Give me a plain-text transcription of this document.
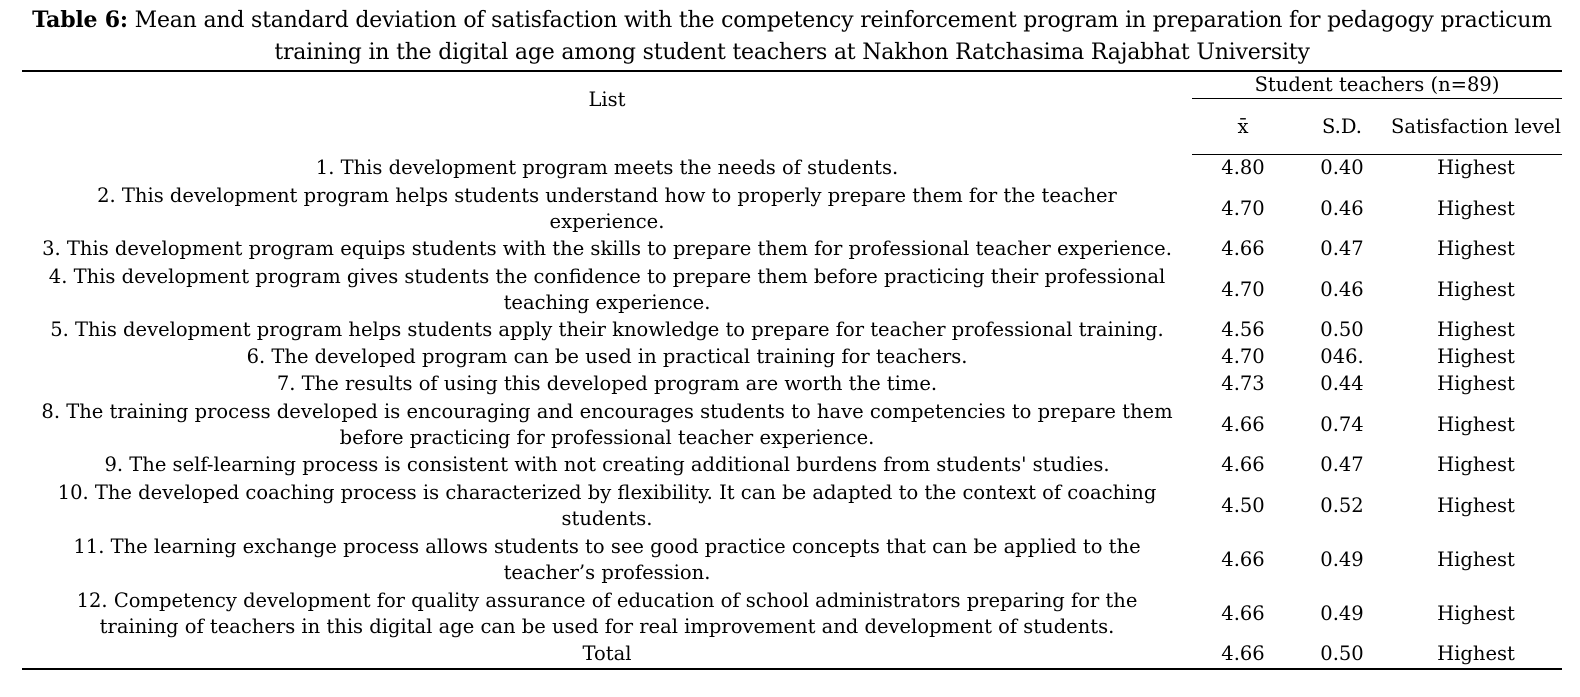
Table 6: Mean and standard deviation of satisfaction with the competency reinforcement program in preparation for pedagogy practicum training in the digital age among student teachers at Nakhon Ratchasima Rajabhat University
List	Student teachers (n=89)		
	x̄	S.D.	Satisfaction level
1. This development program meets the needs of students.	4.80	0.40	Highest
2. This development program helps students understand how to properly prepare them for the teacher experience.	4.70	0.46	Highest
3. This development program equips students with the skills to prepare them for professional teacher experience.	4.66	0.47	Highest
4. This development program gives students the confidence to prepare them before practicing their professional teaching experience.	4.70	0.46	Highest
5. This development program helps students apply their knowledge to prepare for teacher professional training.	4.56	0.50	Highest
6. The developed program can be used in practical training for teachers.	4.70	046.	Highest
7. The results of using this developed program are worth the time.	4.73	0.44	Highest
8. The training process developed is encouraging and encourages students to have competencies to prepare them before practicing for professional teacher experience.	4.66	0.74	Highest
9. The self-learning process is consistent with not creating additional burdens from students' studies.	4.66	0.47	Highest
10. The developed coaching process is characterized by flexibility. It can be adapted to the context of coaching students.	4.50	0.52	Highest
11. The learning exchange process allows students to see good practice concepts that can be applied to the teacher’s profession.	4.66	0.49	Highest
12. Competency development for quality assurance of education of school administrators preparing for the training of teachers in this digital age can be used for real improvement and development of students.	4.66	0.49	Highest
Total	4.66	0.50	Highest
